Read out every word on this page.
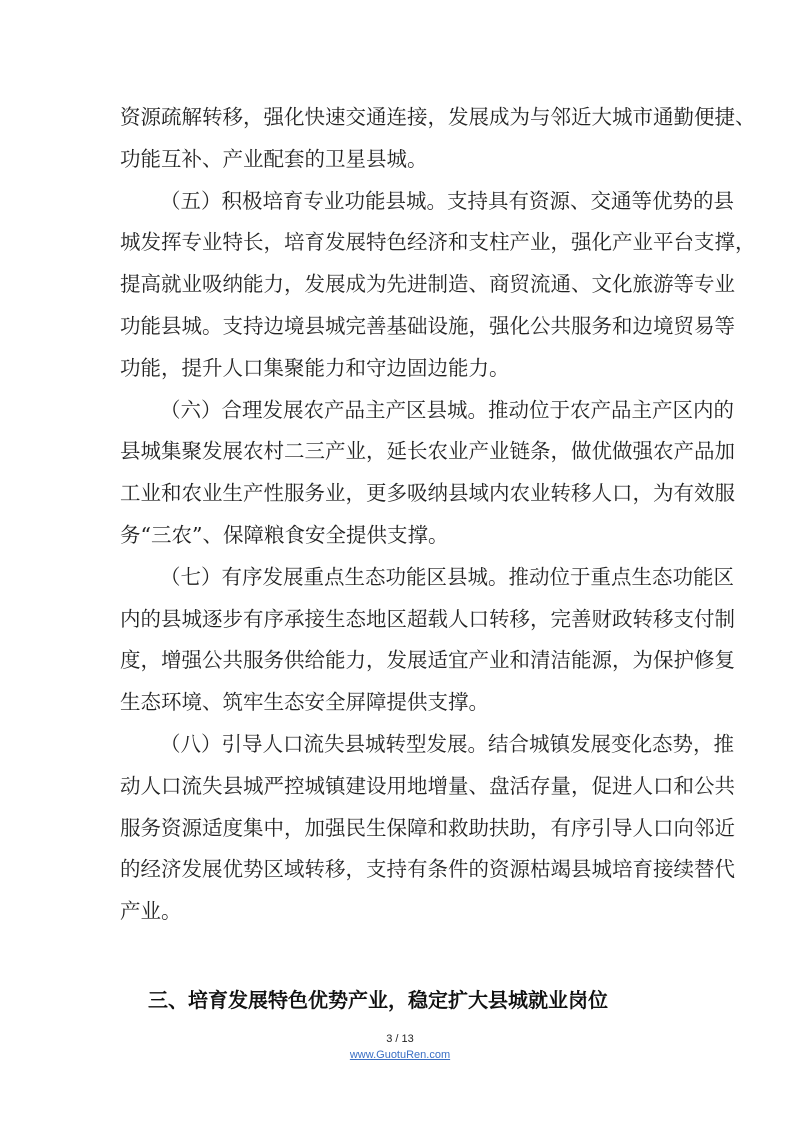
资源疏解转移，强化快速交通连接，发展成为与邻近大城市通勤便捷、
功能互补、产业配套的卫星县城。
（五）积极培育专业功能县城。支持具有资源、交通等优势的县
城发挥专业特长，培育发展特色经济和支柱产业，强化产业平台支撑，
提高就业吸纳能力，发展成为先进制造、商贸流通、文化旅游等专业
功能县城。支持边境县城完善基础设施，强化公共服务和边境贸易等
功能，提升人口集聚能力和守边固边能力。
（六）合理发展农产品主产区县城。推动位于农产品主产区内的
县城集聚发展农村二三产业，延长农业产业链条，做优做强农产品加
工业和农业生产性服务业，更多吸纳县域内农业转移人口，为有效服
务“三农”、保障粮食安全提供支撑。
（七）有序发展重点生态功能区县城。推动位于重点生态功能区
内的县城逐步有序承接生态地区超载人口转移，完善财政转移支付制
度，增强公共服务供给能力，发展适宜产业和清洁能源，为保护修复
生态环境、筑牢生态安全屏障提供支撑。
（八）引导人口流失县城转型发展。结合城镇发展变化态势，推
动人口流失县城严控城镇建设用地增量、盘活存量，促进人口和公共
服务资源适度集中，加强民生保障和救助扶助，有序引导人口向邻近
的经济发展优势区域转移，支持有条件的资源枯竭县城培育接续替代
产业。
三、培育发展特色优势产业，稳定扩大县城就业岗位
3 / 13
www.GuotuRen.com
